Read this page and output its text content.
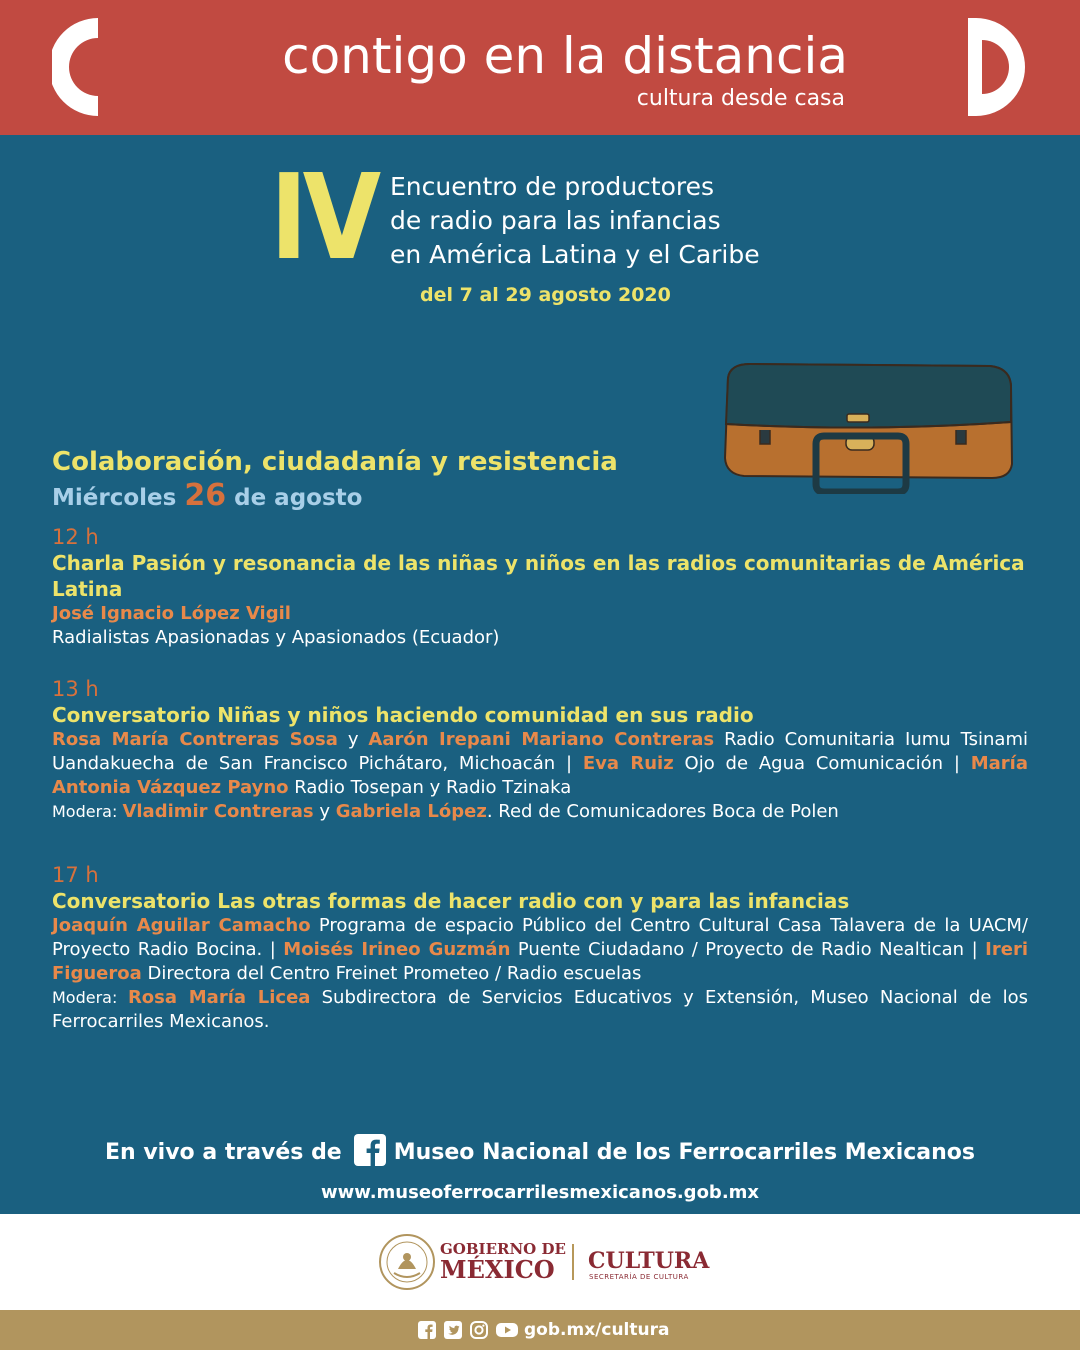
contigo en la distancia
cultura desde casa
IV Encuentro de productores
de radio para las infancias
en América Latina y el Caribe
del 7 al 29 agosto 2020
Colaboración, ciudadanía y resistencia
Miércoles 26 de agosto
12 h
Charla Pasión y resonancia de las niñas y niños en las radios comunitarias de América Latina
José Ignacio López Vigil
Radialistas Apasionadas y Apasionados (Ecuador)
13 h
Conversatorio Niñas y niños haciendo comunidad en sus radio
Rosa María Contreras Sosa y Aarón Irepani Mariano Contreras Radio Comunitaria Iumu Tsinami Uandakuecha de San Francisco Pichátaro, Michoacán | Eva Ruiz Ojo de Agua Comunicación | María Antonia Vázquez Payno Radio Tosepan y Radio Tzinaka
Modera: Vladimir Contreras y Gabriela López. Red de Comunicadores Boca de Polen
17 h
Conversatorio Las otras formas de hacer radio con y para las infancias
Joaquín Aguilar Camacho Programa de espacio Público del Centro Cultural Casa Talavera de la UACM/ Proyecto Radio Bocina. | Moisés Irineo Guzmán Puente Ciudadano / Proyecto de Radio Nealtican | Ireri Figueroa Directora del Centro Freinet Prometeo / Radio escuelas
Modera: Rosa María Licea Subdirectora de Servicios Educativos y Extensión, Museo Nacional de los Ferrocarriles Mexicanos.
En vivo a través de Museo Nacional de los Ferrocarriles Mexicanos
www.museoferrocarrilesmexicanos.gob.mx
GOBIERNO DE
MÉXICO CULTURA
SECRETARÍA DE CULTURA
gob.mx/cultura
